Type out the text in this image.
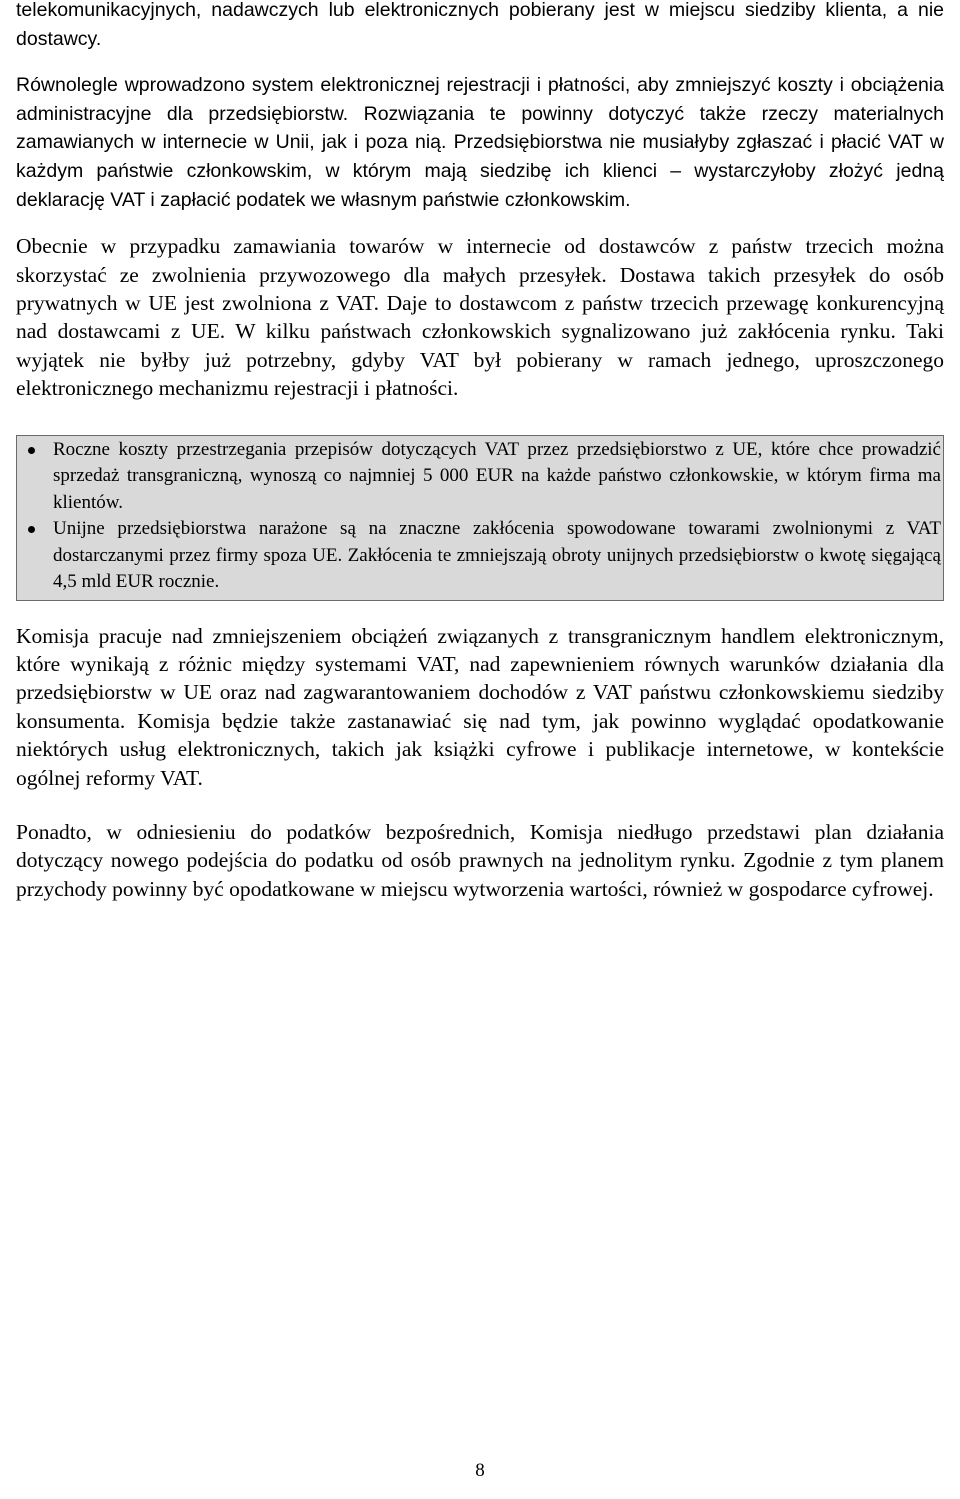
telekomunikacyjnych, nadawczych lub elektronicznych pobierany jest w miejscu siedziby klienta, a nie dostawcy.

Równolegle wprowadzono system elektronicznej rejestracji i płatności, aby zmniejszyć koszty i obciążenia administracyjne dla przedsiębiorstw. Rozwiązania te powinny dotyczyć także rzeczy materialnych zamawianych w internecie w Unii, jak i poza nią. Przedsiębiorstwa nie musiałyby zgłaszać i płacić VAT w każdym państwie członkowskim, w którym mają siedzibę ich klienci – wystarczyłoby złożyć jedną deklarację VAT i zapłacić podatek we własnym państwie członkowskim.

Obecnie w przypadku zamawiania towarów w internecie od dostawców z państw trzecich można skorzystać ze zwolnienia przywozowego dla małych przesyłek. Dostawa takich przesyłek do osób prywatnych w UE jest zwolniona z VAT. Daje to dostawcom z państw trzecich przewagę konkurencyjną nad dostawcami z UE. W kilku państwach członkowskich sygnalizowano już zakłócenia rynku. Taki wyjątek nie byłby już potrzebny, gdyby VAT był pobierany w ramach jednego, uproszczonego elektronicznego mechanizmu rejestracji i płatności.

Roczne koszty przestrzegania przepisów dotyczących VAT przez przedsiębiorstwo z UE, które chce prowadzić sprzedaż transgraniczną, wynoszą co najmniej 5 000 EUR na każde państwo członkowskie, w którym firma ma klientów.
Unijne przedsiębiorstwa narażone są na znaczne zakłócenia spowodowane towarami zwolnionymi z VAT dostarczanymi przez firmy spoza UE. Zakłócenia te zmniejszają obroty unijnych przedsiębiorstw o kwotę sięgającą 4,5 mld EUR rocznie.

Komisja pracuje nad zmniejszeniem obciążeń związanych z transgranicznym handlem elektronicznym, które wynikają z różnic między systemami VAT, nad zapewnieniem równych warunków działania dla przedsiębiorstw w UE oraz nad zagwarantowaniem dochodów z VAT państwu członkowskiemu siedziby konsumenta. Komisja będzie także zastanawiać się nad tym, jak powinno wyglądać opodatkowanie niektórych usług elektronicznych, takich jak książki cyfrowe i publikacje internetowe, w kontekście ogólnej reformy VAT.

Ponadto, w odniesieniu do podatków bezpośrednich, Komisja niedługo przedstawi plan działania dotyczący nowego podejścia do podatku od osób prawnych na jednolitym rynku. Zgodnie z tym planem przychody powinny być opodatkowane w miejscu wytworzenia wartości, również w gospodarce cyfrowej.

8
